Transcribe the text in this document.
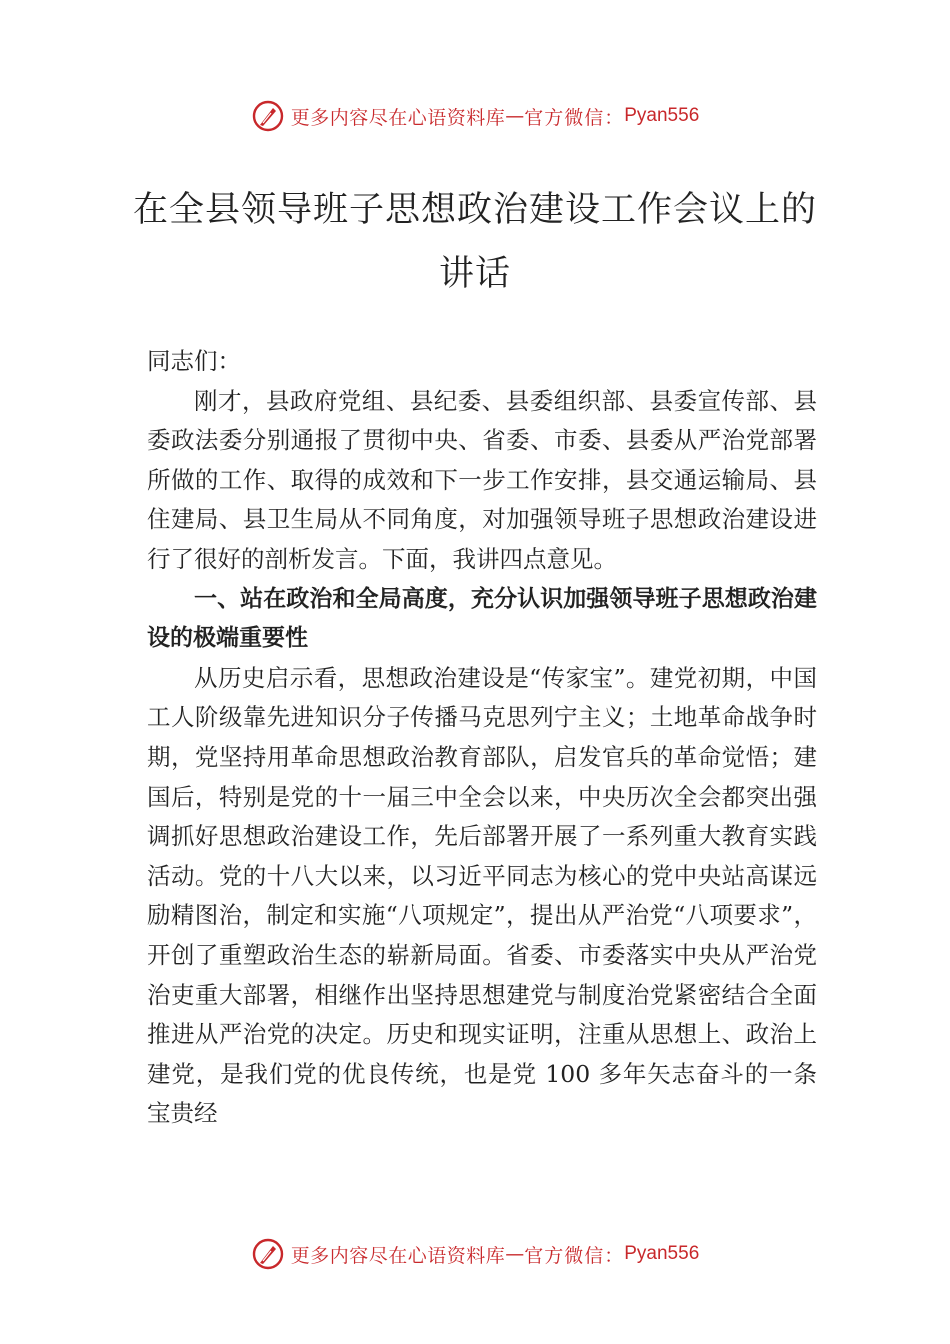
更多内容尽在心语资料库 — 官方微信： Pyan556
在全县领导班子思想政治建设工作会议上的讲话

同志们：

刚才，县政府党组、县纪委、县委组织部、县委宣传部、县委政法委分别通报了贯彻中央、省委、市委、县委从严治党部署所做的工作、取得的成效和下一步工作安排，县交通运输局、县住建局、县卫生局从不同角度，对加强领导班子思想政治建设进行了很好的剖析发言。下面，我讲四点意见。

一、站在政治和全局高度，充分认识加强领导班子思想政治建设的极端重要性

从历史启示看，思想政治建设是“传家宝”。建党初期，中国工人阶级靠先进知识分子传播马克思列宁主义；土地革命战争时期，党坚持用革命思想政治教育部队，启发官兵的革命觉悟；建国后，特别是党的十一届三中全会以来，中央历次全会都突出强调抓好思想政治建设工作，先后部署开展了一系列重大教育实践活动。党的十八大以来，以习近平同志为核心的党中央站高谋远励精图治，制定和实施“八项规定”，提出从严治党“八项要求”，开创了重塑政治生态的崭新局面。省委、市委落实中央从严治党治吏重大部署，相继作出坚持思想建党与制度治党紧密结合全面推进从严治党的决定。历史和现实证明，注重从思想上、政治上建党，是我们党的优良传统，也是党 100 多年矢志奋斗的一条宝贵经

更多内容尽在心语资料库 — 官方微信： Pyan556
